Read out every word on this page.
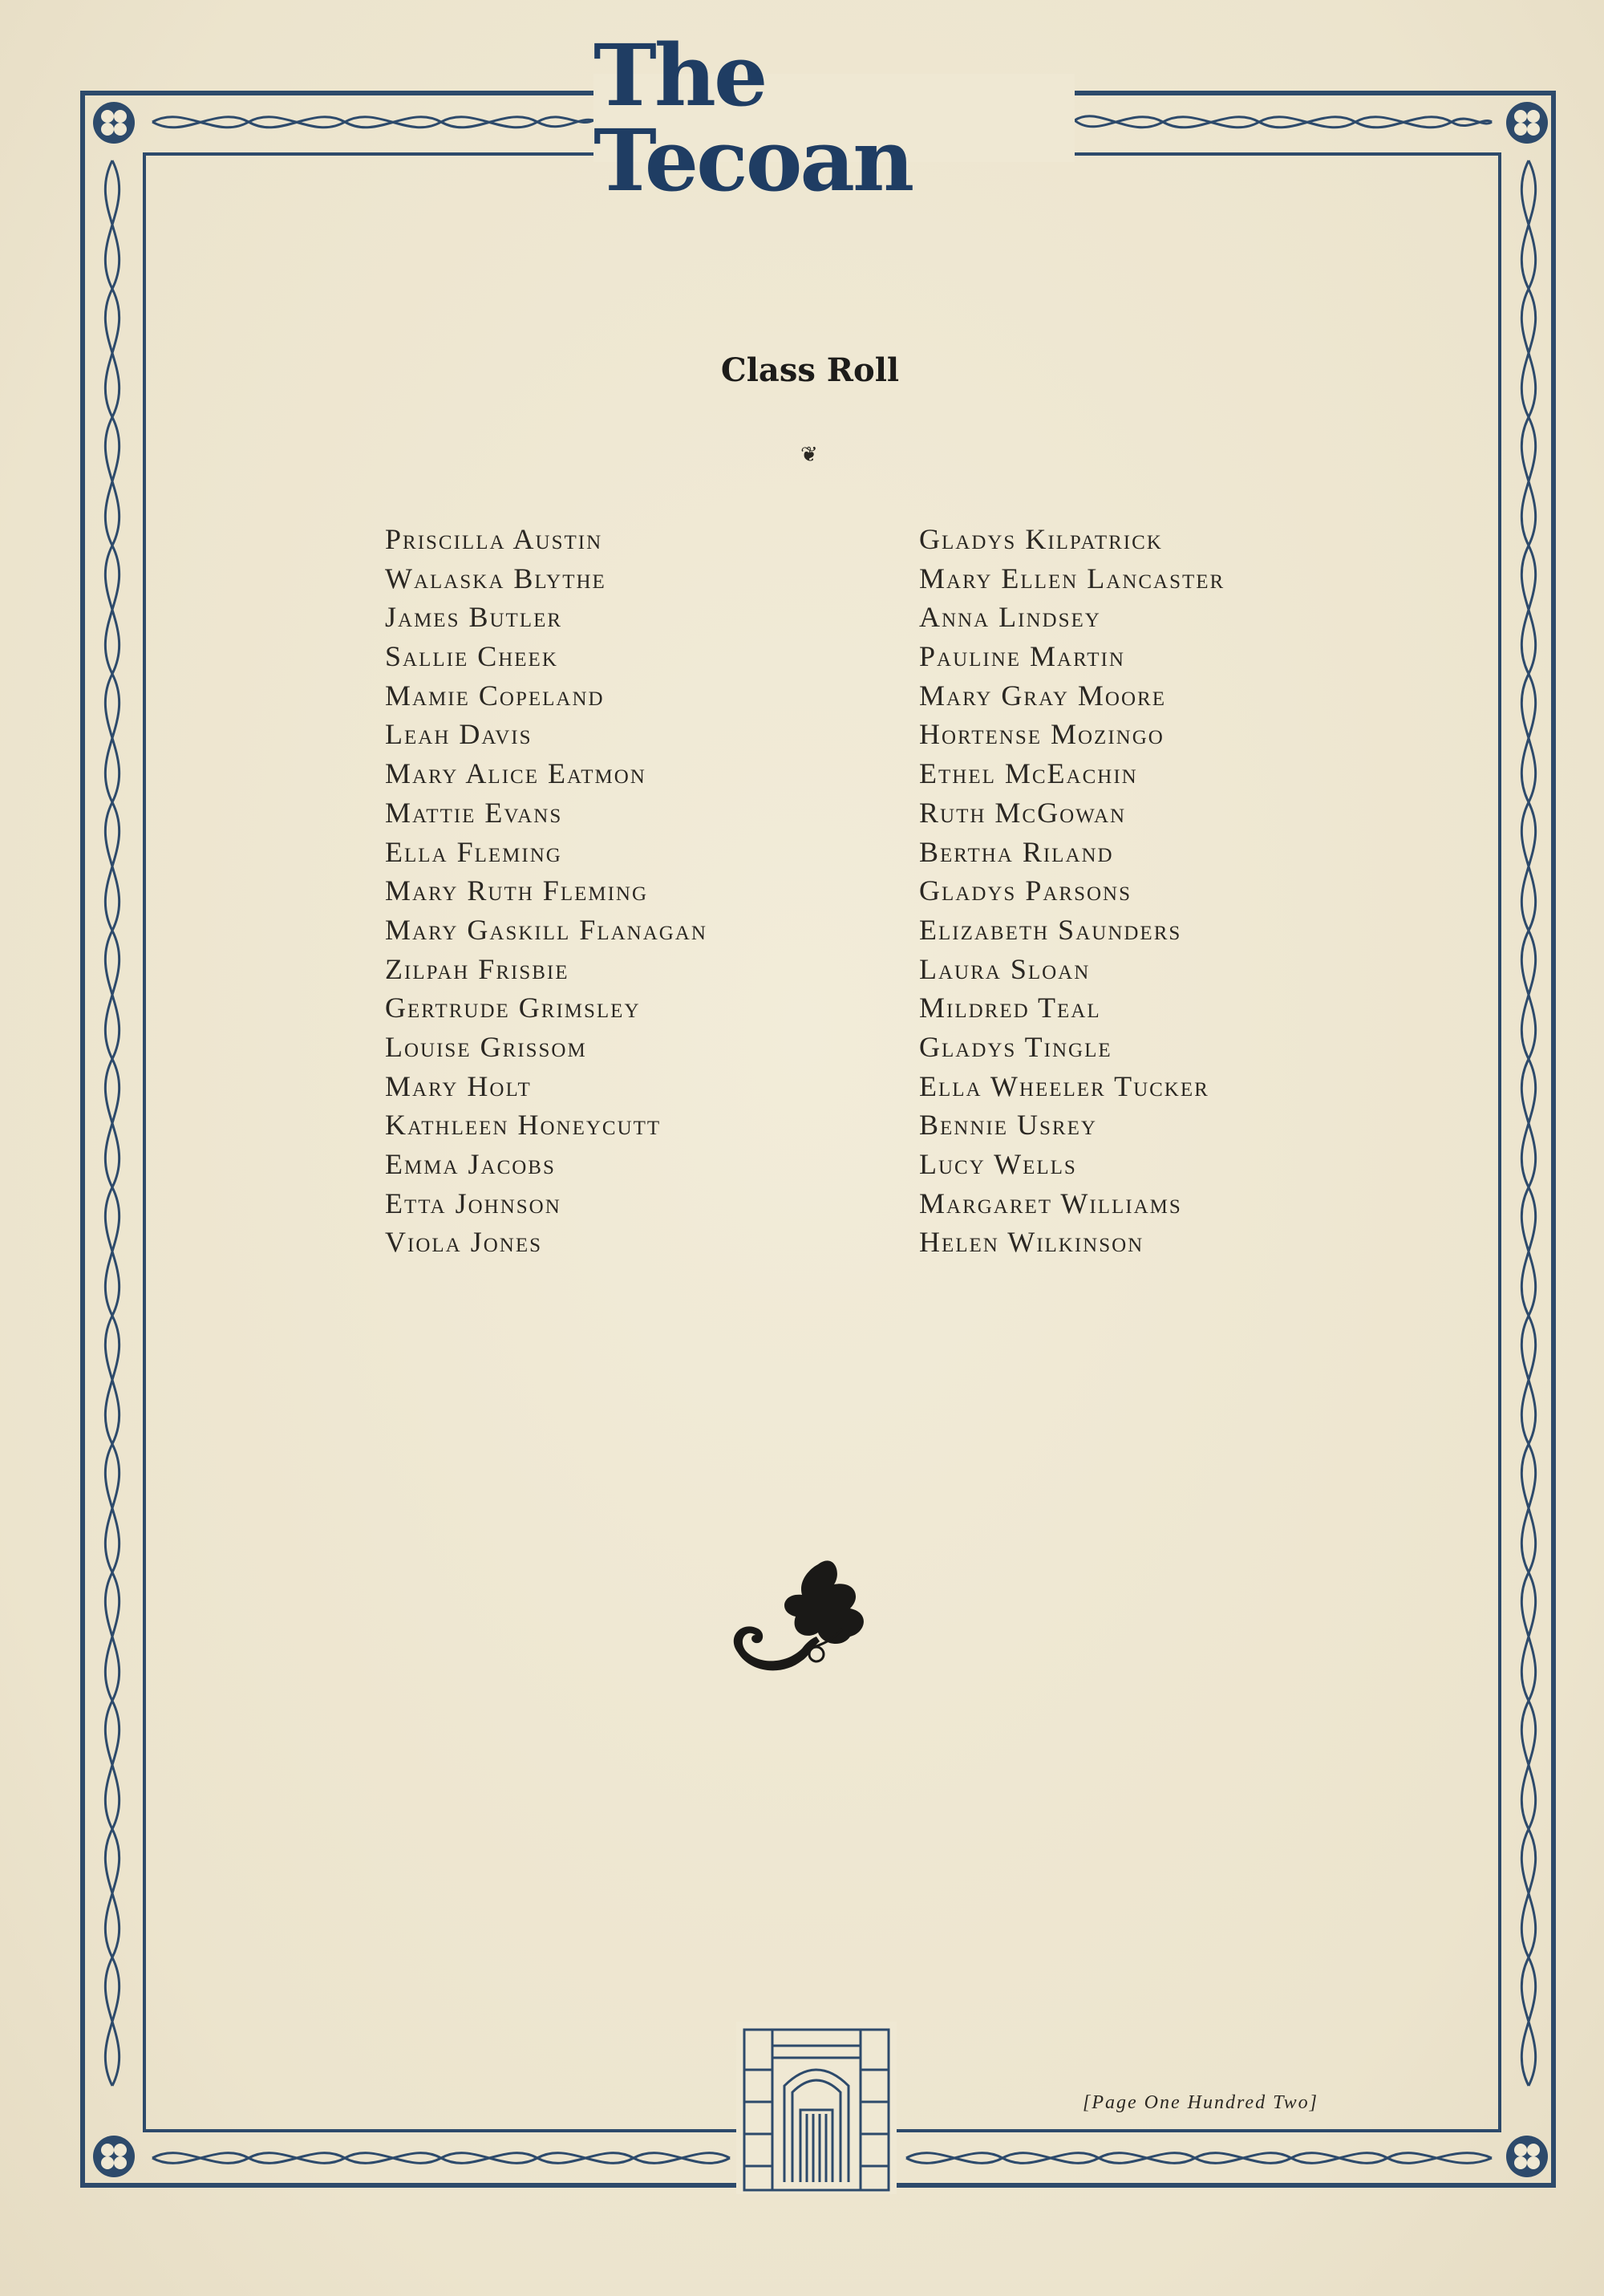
The Tecoan
Class Roll
❦
Priscilla Austin
Walaska Blythe
James Butler
Sallie Cheek
Mamie Copeland
Leah Davis
Mary Alice Eatmon
Mattie Evans
Ella Fleming
Mary Ruth Fleming
Mary Gaskill Flanagan
Zilpah Frisbie
Gertrude Grimsley
Louise Grissom
Mary Holt
Kathleen Honeycutt
Emma Jacobs
Etta Johnson
Viola Jones
Gladys Kilpatrick
Mary Ellen Lancaster
Anna Lindsey
Pauline Martin
Mary Gray Moore
Hortense Mozingo
Ethel McEachin
Ruth McGowan
Bertha Riland
Gladys Parsons
Elizabeth Saunders
Laura Sloan
Mildred Teal
Gladys Tingle
Ella Wheeler Tucker
Bennie Usrey
Lucy Wells
Margaret Williams
Helen Wilkinson
[Page One Hundred Two]
